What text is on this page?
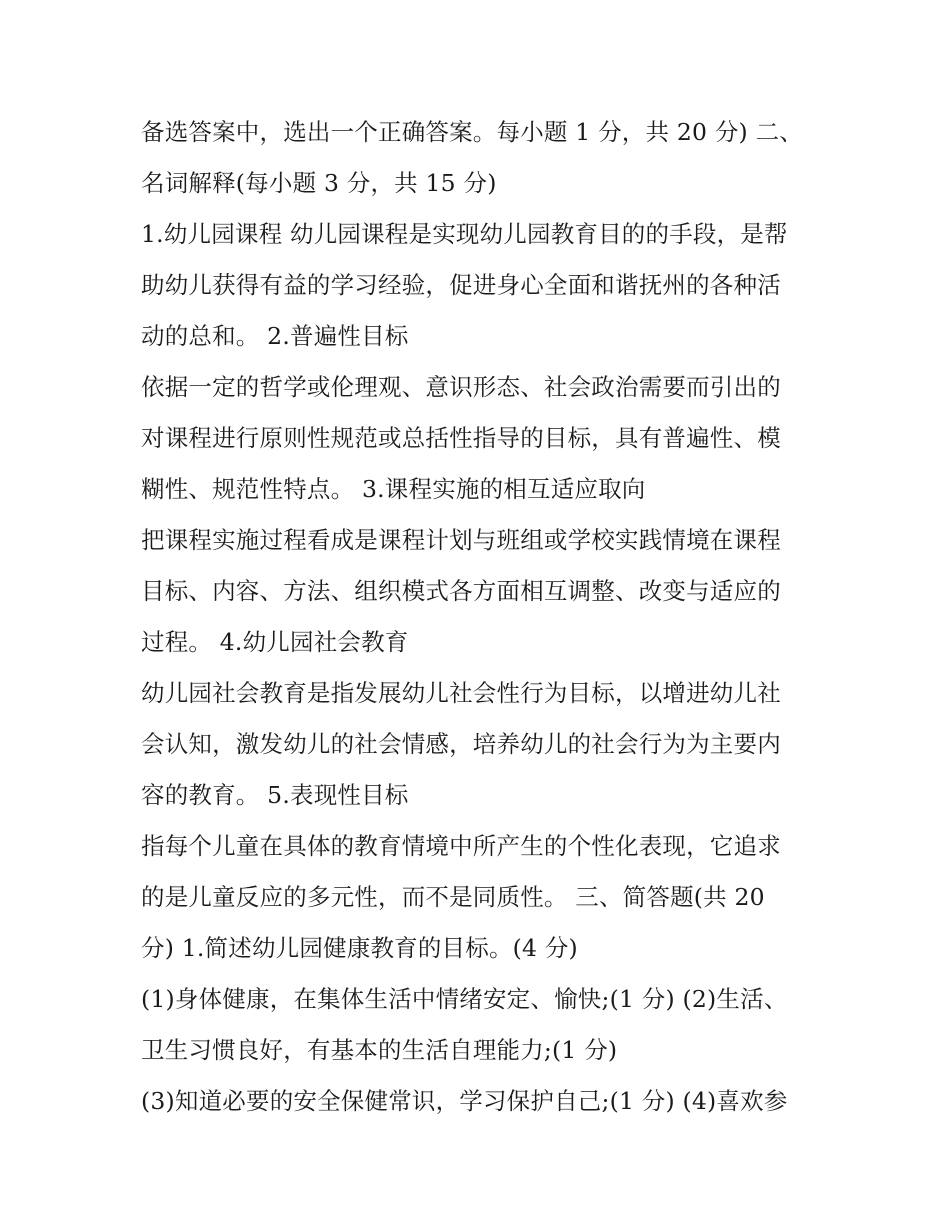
备选答案中，选出一个正确答案。每小题 1 分，共 20 分) 二、
名词解释(每小题 3 分，共 15 分)
1.幼儿园课程 幼儿园课程是实现幼儿园教育目的的手段，是帮
助幼儿获得有益的学习经验，促进身心全面和谐抚州的各种活
动的总和。 2.普遍性目标
依据一定的哲学或伦理观、意识形态、社会政治需要而引出的
对课程进行原则性规范或总括性指导的目标，具有普遍性、模
糊性、规范性特点。 3.课程实施的相互适应取向
把课程实施过程看成是课程计划与班组或学校实践情境在课程
目标、内容、方法、组织模式各方面相互调整、改变与适应的
过程。 4.幼儿园社会教育
幼儿园社会教育是指发展幼儿社会性行为目标，以增进幼儿社
会认知，激发幼儿的社会情感，培养幼儿的社会行为为主要内
容的教育。 5.表现性目标
指每个儿童在具体的教育情境中所产生的个性化表现，它追求
的是儿童反应的多元性，而不是同质性。 三、简答题(共 20
分) 1.简述幼儿园健康教育的目标。(4 分)
(1)身体健康，在集体生活中情绪安定、愉快;(1 分) (2)生活、
卫生习惯良好，有基本的生活自理能力;(1 分)
(3)知道必要的安全保健常识，学习保护自己;(1 分) (4)喜欢参
